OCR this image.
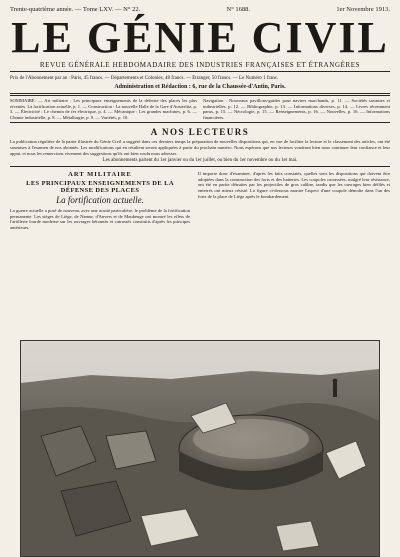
Trente-quatrième année. — Tome LXV. — N° 22.	N° 1688.	1er Novembre 1913.
LE GÉNIE CIVIL
REVUE GÉNÉRALE HEBDOMADAIRE DES INDUSTRIES FRANÇAISES ET ÉTRANGÈRES
Prix de l'Abonnement par an : Paris, 45 francs. — Départements et Colonies, 48 francs. — Étranger, 50 francs. — Le Numéro 1 franc.
Administration et Rédaction : 6, rue de la Chaussée-d'Antin, Paris.
SOMMAIRE. — Art militaire : Les principaux enseignements de la défense des places les plus récentes. La fortification actuelle, p. 1. — Construction : La nouvelle Halle de la Gare d'Austerlitz, p. 3. — Électricité : Le chemin de fer électrique, p. 4. — Mécanique : Les grandes machines, p. 6. — Chimie industrielle, p. 8. — Métallurgie, p. 9. — Variétés, p. 10.
Navigation : Nouveaux pavillons-guides pour navires marchands, p. 11. — Sociétés savantes et industrielles, p. 12. — Bibliographie, p. 13. — Informations diverses, p. 14. — Livres récemment parus, p. 15. — Nécrologie, p. 15. — Renseignements, p. 16. — Nouvelles, p. 16. — Informations financières.
A NOS LECTEURS
La publication régulière de la partie illustrée du Génie Civil a suggéré dans ces derniers temps la préparation de nouvelles dispositions qui, en vue de faciliter la lecture et le classement des articles, ont été soumises à l'examen de nos abonnés. Les modifications qui en résultent seront appliquées à partir du prochain numéro. Nous espérons que nos lecteurs voudront bien nous continuer leur confiance et leur appui, et nous les remercions vivement des suggestions qu'ils ont bien voulu nous adresser.
Les abonnements partent du 1er janvier ou du 1er juillet, ou bien du 1er novembre ou du 1er mai.
ART MILITAIRE
LES PRINCIPAUX ENSEIGNEMENTS DE LA DÉFENSE DES PLACES
La fortification actuelle.
La guerre actuelle a posé de nouveau, avec une acuité particulière, le problème de la fortification permanente. Les sièges de Liège, de Namur, d'Anvers et de Maubeuge ont montré les effets de l'artillerie lourde moderne sur les ouvrages bétonnés et cuirassés construits d'après les principes antérieurs.
Il importe donc d'examiner, d'après les faits constatés, quelles sont les dispositions qui doivent être adoptées dans la construction des forts et des batteries. Les coupoles cuirassées, malgré leur résistance, ont été en partie détruites par les projectiles de gros calibre, tandis que les ouvrages bien défilés et enterrés ont mieux résisté. La figure ci-dessous montre l'aspect d'une coupole démolie dans l'un des forts de la place de Liège après le bombardement.
